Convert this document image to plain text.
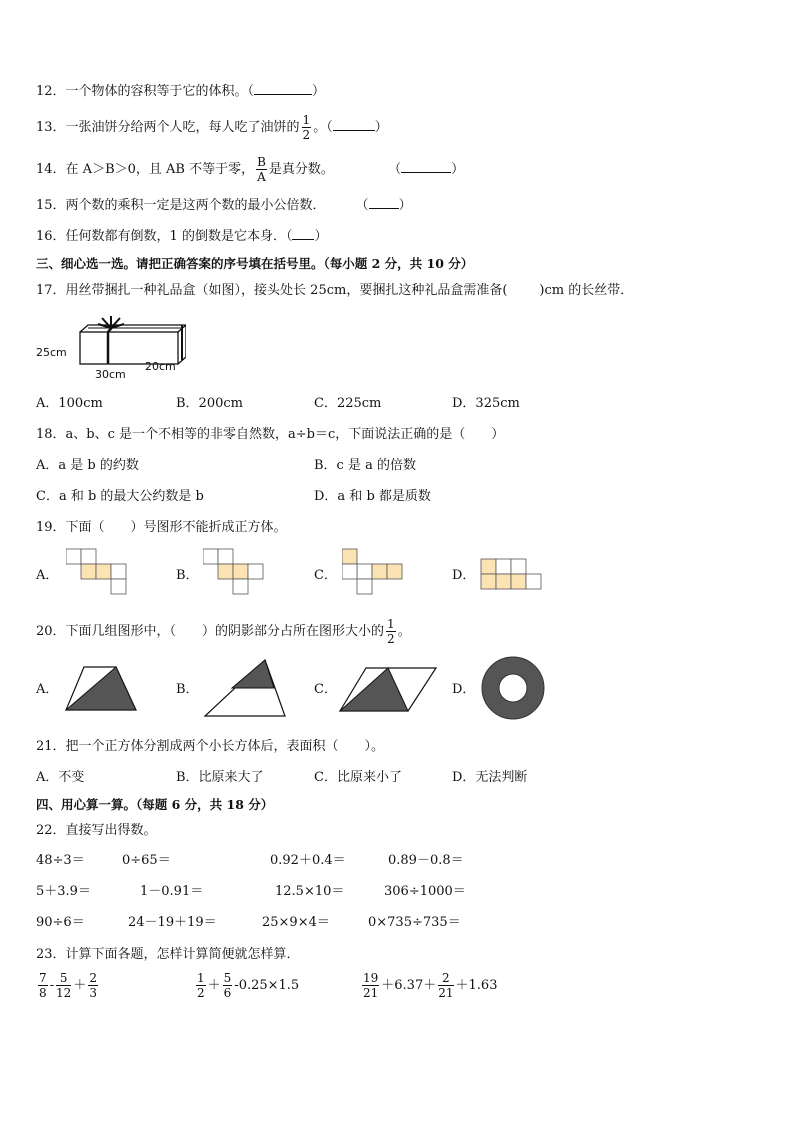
12．一个物体的容积等于它的体积。（	）
13．一张油饼分给两个人吃，每人吃了油饼的 $\frac{1}{2}$ 。（	）
14．在 A＞B＞0，且 AB 不等于零， $\frac{B}{A}$ 是真分数。	（	）
15．两个数的乘积一定是这两个数的最小公倍数． （ ）
16．任何数都有倒数，1 的倒数是它本身．（ ）
三、细心选一选。请把正确答案的序号填在括号里。（每小题 2 分，共 10 分）
17．用丝带捆扎一种礼品盒（如图），接头处长 25cm，要捆扎这种礼品盒需准备( )cm 的长丝带．
25cm
30cm
20cm
A．100cm	B．200cm	C．225cm	D．325cm
18．a、b、c 是一个不相等的非零自然数，a÷b＝c，下面说法正确的是（　　）
A．a 是 b 的约数	B．c 是 a 的倍数
C．a 和 b 的最大公约数是 b	D．a 和 b 都是质数
19．下面（　　）号图形不能折成正方体。
A．	B．	C．	D．
20．下面几组图形中，（　　）的阴影部分占所在图形大小的 $\frac{1}{2}$ 。
A．	B．	C．	D．
21．把一个正方体分割成两个小长方体后，表面积（　　）。
A．不变	B．比原来大了	C．比原来小了	D．无法判断
四、用心算一算。（每题 6 分，共 18 分）
22．直接写出得数。
48÷3＝	0÷65＝	0.92＋0.4＝	0.89－0.8＝
5＋3.9＝	1－0.91＝	12.5×10＝	306÷1000＝
90÷6＝	24－19＋19＝	25×9×4＝	0×735÷735＝
23．计算下面各题，怎样计算简便就怎样算．
$\frac{7}{8} - \frac{5}{12} + \frac{2}{3}$	$\frac{1}{2} + \frac{5}{6} -0.25\times 1.5$	$\frac{19}{21} +6.37+ \frac{2}{21} +1.63$
